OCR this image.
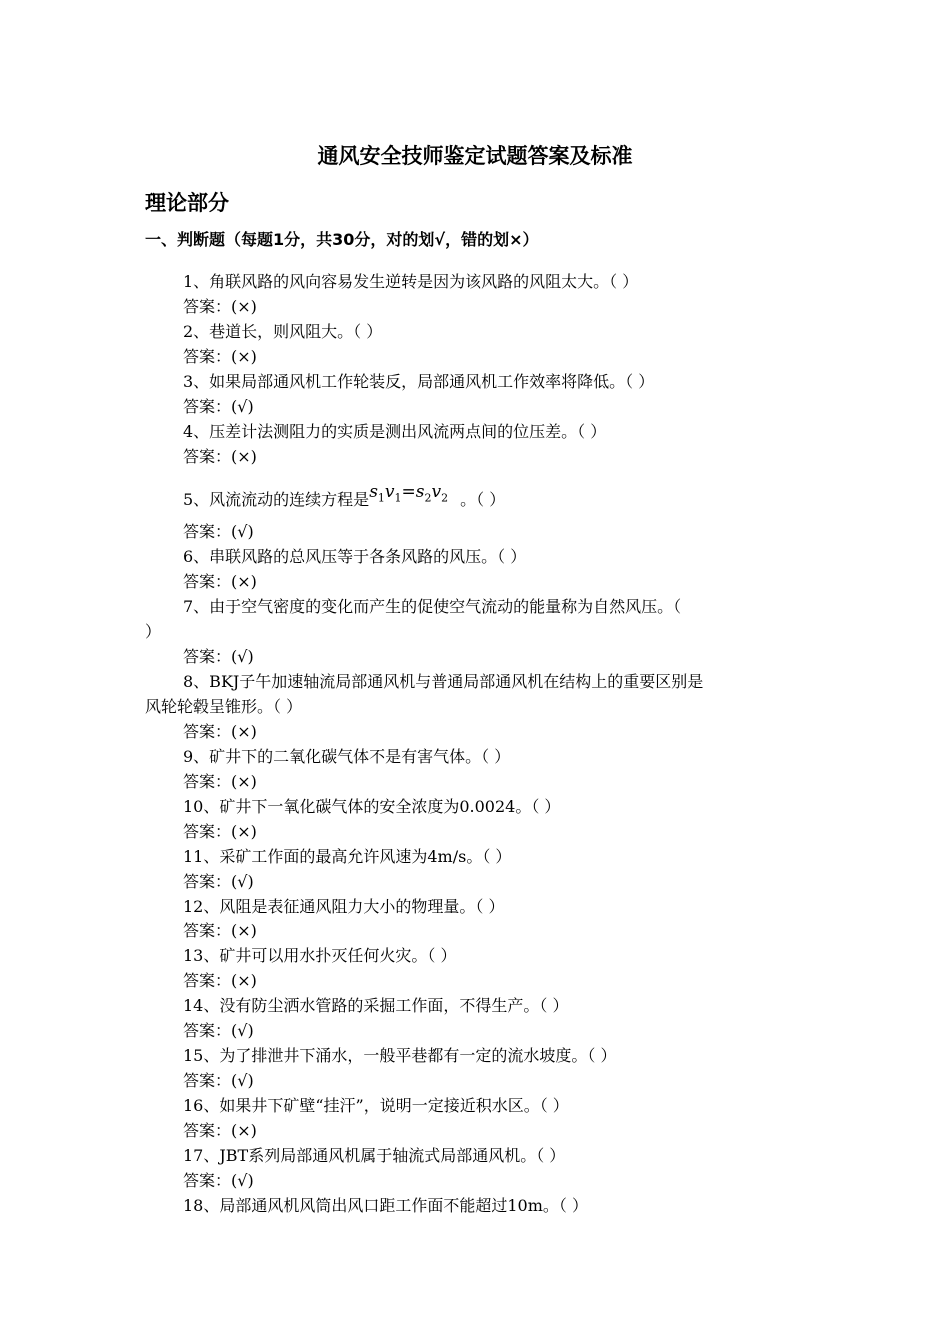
通风安全技师鉴定试题答案及标准
理论部分
一、判断题（每题1分，共30分，对的划√，错的划×）
1、角联风路的风向容易发生逆转是因为该风路的风阻太大。（ ）
答案：(×)
2、巷道长，则风阻大。（ ）
答案：(×)
3、如果局部通风机工作轮装反，局部通风机工作效率将降低。（ ）
答案：(√)
4、压差计法测阻力的实质是测出风流两点间的位压差。（ ）
答案：(×)
5、风流流动的连续方程是$s_1v_1=s_2v_2$ 。（ ）
答案：(√)
6、串联风路的总风压等于各条风路的风压。（ ）
答案：(×)
7、由于空气密度的变化而产生的促使空气流动的能量称为自然风压。（
）
答案：(√)
8、BKJ子午加速轴流局部通风机与普通局部通风机在结构上的重要区别是
风轮轮毂呈锥形。（ ）
答案：(×)
9、矿井下的二氧化碳气体不是有害气体。（ ）
答案：(×)
10、矿井下一氧化碳气体的安全浓度为0.0024。（ ）
答案：(×)
11、采矿工作面的最高允许风速为4m/s。（ ）
答案：(√)
12、风阻是表征通风阻力大小的物理量。（ ）
答案：(×)
13、矿井可以用水扑灭任何火灾。（ ）
答案：(×)
14、没有防尘洒水管路的采掘工作面，不得生产。（ ）
答案：(√)
15、为了排泄井下涌水，一般平巷都有一定的流水坡度。（ ）
答案：(√)
16、如果井下矿壁“挂汗”，说明一定接近积水区。（ ）
答案：(×)
17、JBT系列局部通风机属于轴流式局部通风机。（ ）
答案：(√)
18、局部通风机风筒出风口距工作面不能超过10m。（ ）
